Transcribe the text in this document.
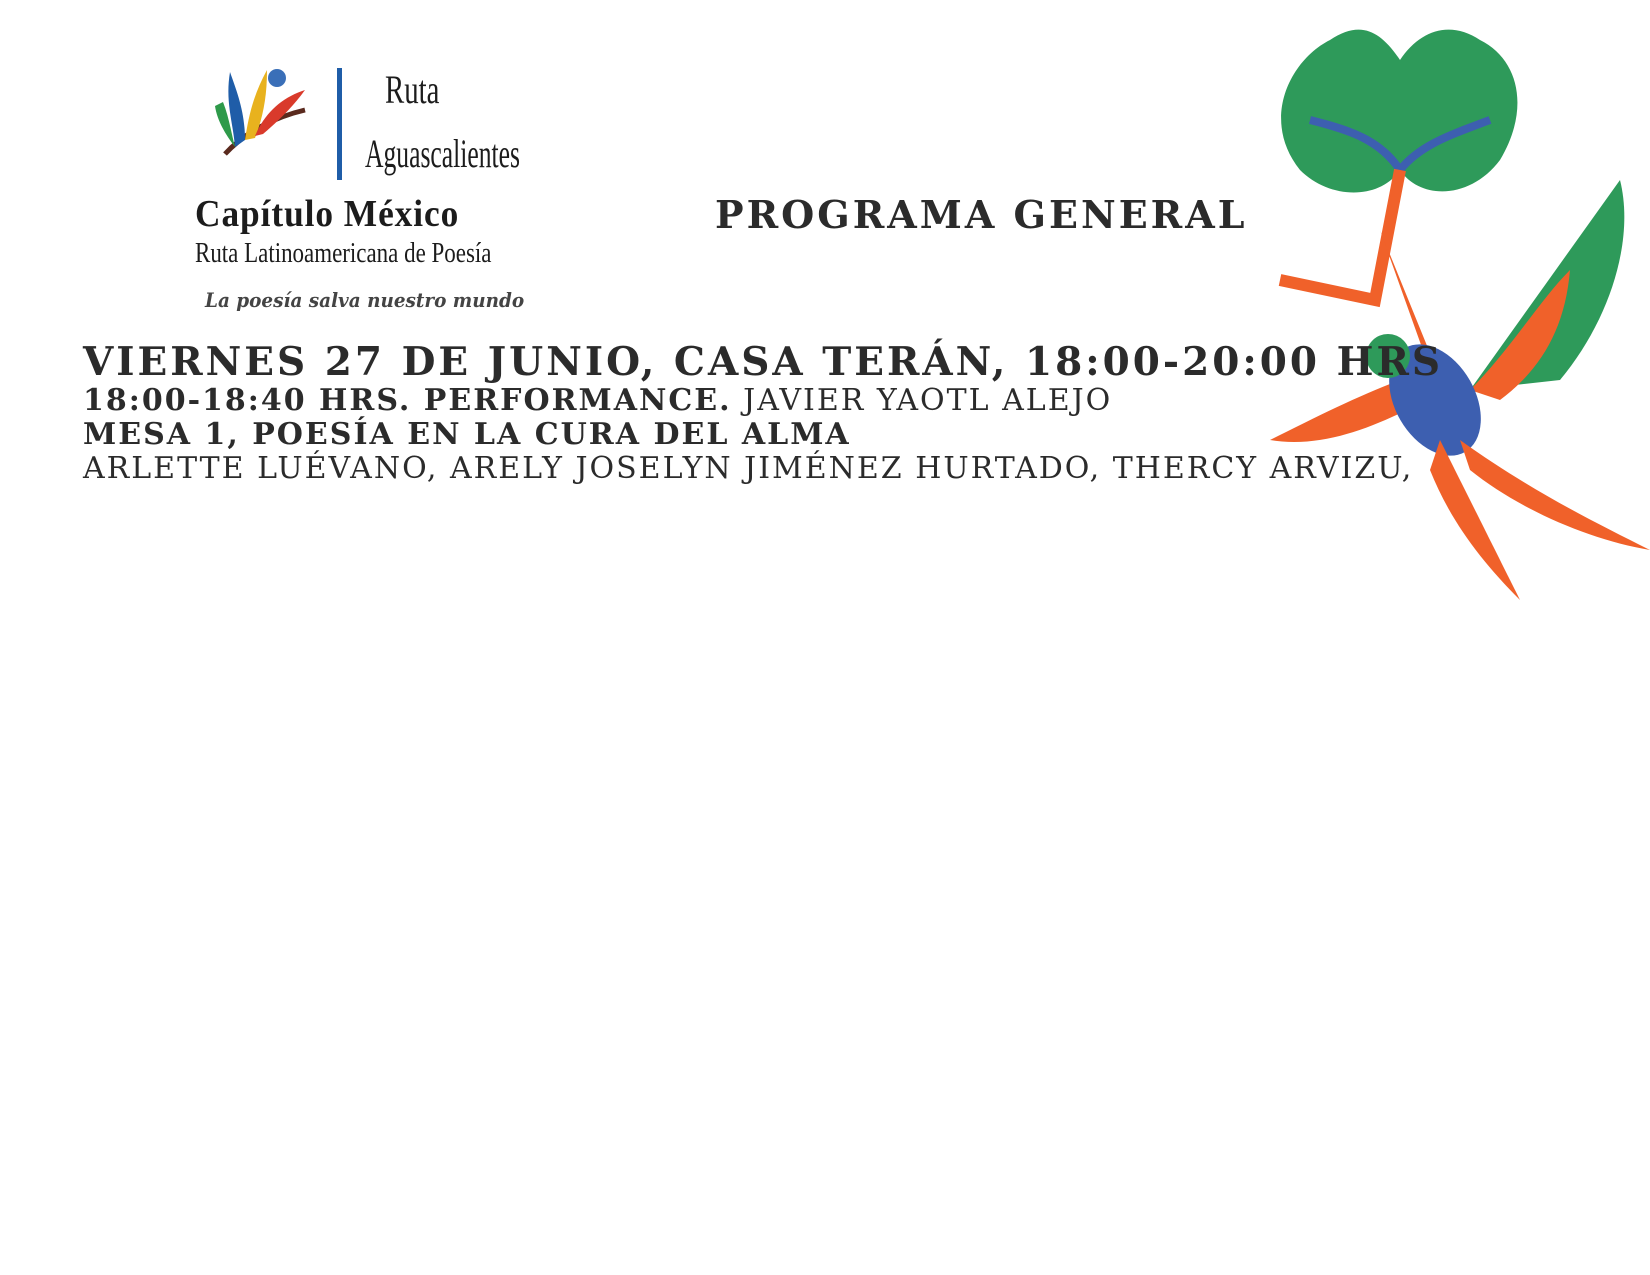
Ruta
Aguascalientes
Capítulo México
Ruta Latinoamericana de Poesía
La poesía salva nuestro mundo
PROGRAMA GENERAL
VIERNES 27 DE JUNIO, CASA TERÁN, 18:00-20:00 HRS
18:00-18:40 HRS. PERFORMANCE. JAVIER YAOTL ALEJO
MESA 1, POESÍA EN LA CURA DEL ALMA
ARLETTE LUÉVANO, ARELY JOSELYN JIMÉNEZ HURTADO, THERCY ARVIZU,
